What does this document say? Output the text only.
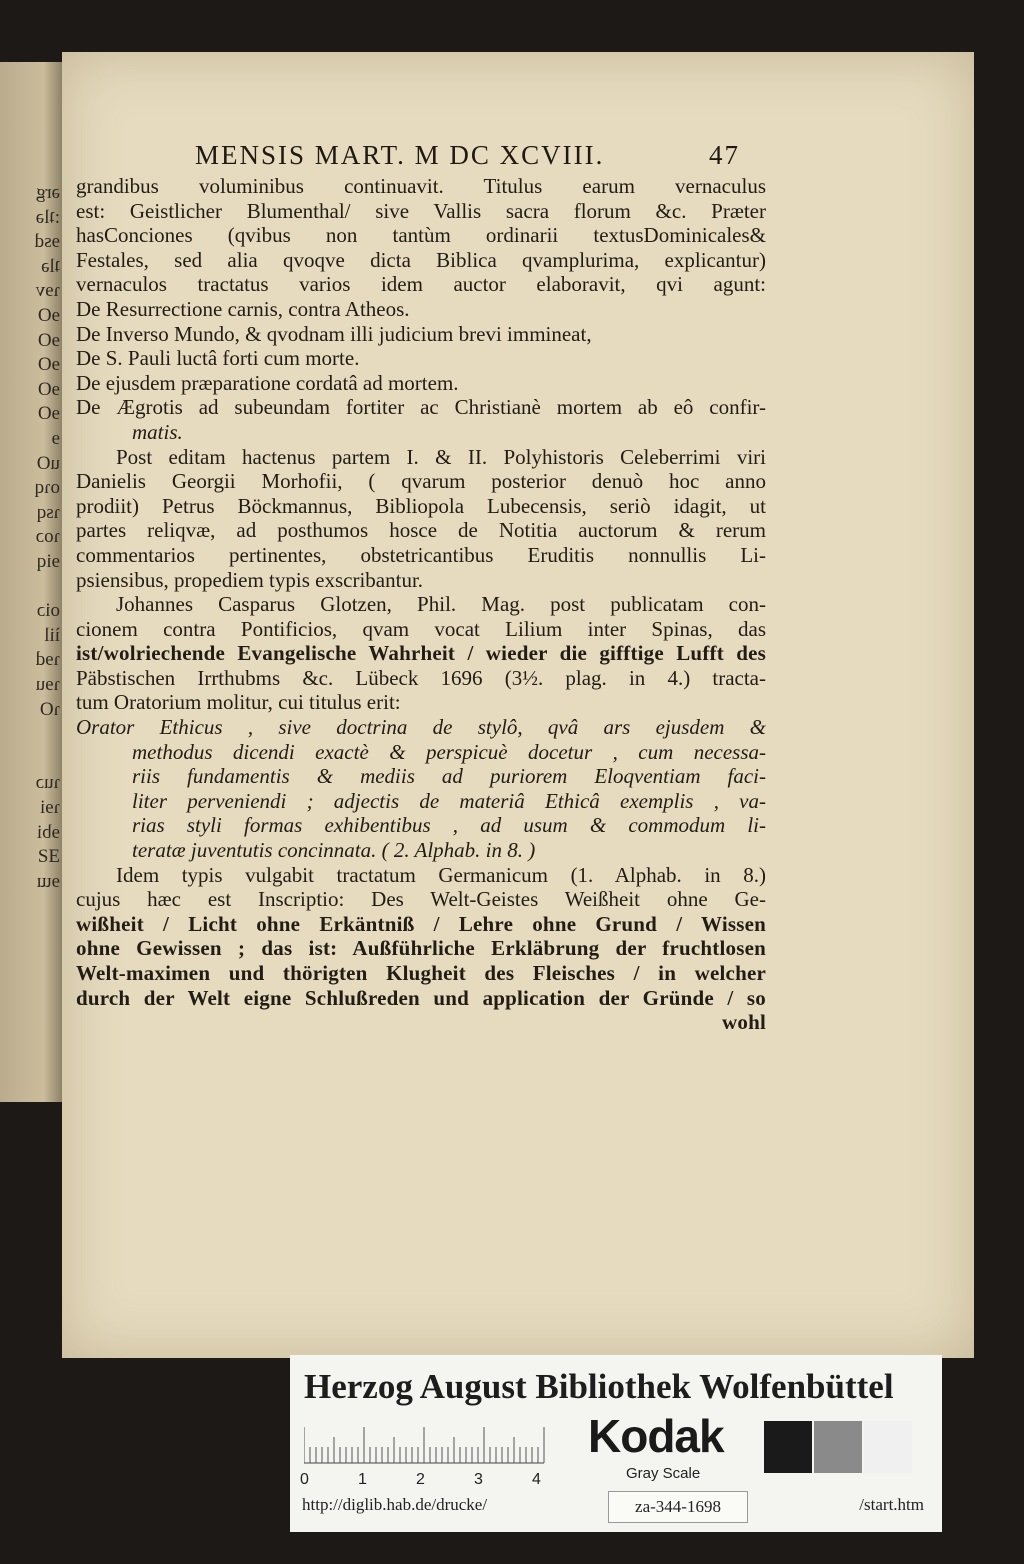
ərg
:ʇlə
ɘsd
ʇlə
ɿɘv
ɘO
ɘO
ɘO
ɘO
ɘO
ɘ
uO
oɿq
ɿsq
ɿoɔ
ɘiq
oiɔ
ìil
ɿɘd
ɿɘu
ɿO
ɿuɔ
ɿɘi
ɘbi
ƎƧ
ɘɯ
MENSIS MART. M DC XCVIII.	47
grandibus voluminibus continuavit. Titulus earum vernaculus
est: Geistlicher Blumenthal/ sive Vallis sacra florum &c. Præter
hasConciones (qvibus non tantùm ordinarii textusDominicales&
Festales, sed alia qvoqve dicta Biblica qvamplurima, explicantur)
vernaculos tractatus varios idem auctor elaboravit, qvi agunt:
De Resurrectione carnis, contra Atheos.
De Inverso Mundo, & qvodnam illi judicium brevi immineat,
De S. Pauli luctâ forti cum morte.
De ejusdem præparatione cordatâ ad mortem.
De Ægrotis ad subeundam fortiter ac Christianè mortem ab eô confir-
matis.
Post editam hactenus partem I. & II. Polyhistoris Celeberrimi viri
Danielis Georgii Morhofii, ( qvarum posterior denuò hoc anno
prodiit) Petrus Böckmannus, Bibliopola Lubecensis, seriò idagit, ut
partes reliqvæ, ad posthumos hosce de Notitia auctorum & rerum
commentarios pertinentes, obstetricantibus Eruditis nonnullis Li-
psiensibus, propediem typis exscribantur.
Johannes Casparus Glotzen, Phil. Mag. post publicatam con-
cionem contra Pontificios, qvam vocat Lilium inter Spinas, das
ist/wolriechende Evangelische Wahrheit / wieder die gifftige Lufft des
Päbstischen Irrthubms &c. Lübeck 1696 (3½. plag. in 4.) tracta-
tum Oratorium molitur, cui titulus erit:
Orator Ethicus , sive doctrina de stylô, qvâ ars ejusdem &
methodus dicendi exactè & perspicuè docetur , cum necessa-
riis fundamentis & mediis ad puriorem Eloqventiam faci-
liter perveniendi ; adjectis de materiâ Ethicâ exemplis , va-
rias styli formas exhibentibus , ad usum & commodum li-
teratæ juventutis concinnata. ( 2. Alphab. in 8. )
Idem typis vulgabit tractatum Germanicum (1. Alphab. in 8.)
cujus hæc est Inscriptio: Des Welt-Geistes Weißheit ohne Ge-
wißheit / Licht ohne Erkäntniß / Lehre ohne Grund / Wissen
ohne Gewissen ; das ist: Außführliche Erkläbrung der fruchtlosen
Welt-maximen und thörigten Klugheit des Fleisches / in welcher
durch der Welt eigne Schlußreden und application der Gründe / so
wohl
Herzog August Bibliothek Wolfenbüttel
0	1	2	3	4
Kodak
Gray Scale
http://diglib.hab.de/drucke/	za-344-1698	/start.htm
